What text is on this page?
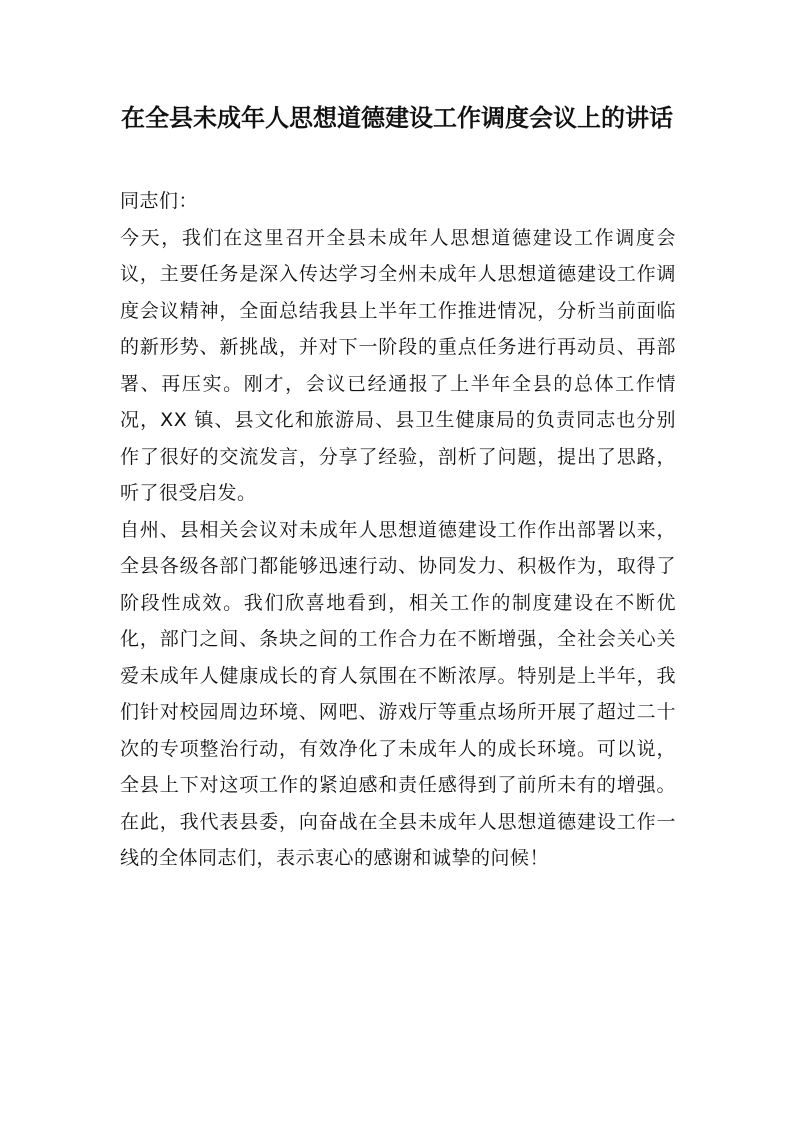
在全县未成年人思想道德建设工作调度会议上的讲话

同志们：

今天，我们在这里召开全县未成年人思想道德建设工作调度会议，主要任务是深入传达学习全州未成年人思想道德建设工作调度会议精神，全面总结我县上半年工作推进情况，分析当前面临的新形势、新挑战，并对下一阶段的重点任务进行再动员、再部署、再压实。刚才，会议已经通报了上半年全县的总体工作情况，XX 镇、县文化和旅游局、县卫生健康局的负责同志也分别作了很好的交流发言，分享了经验，剖析了问题，提出了思路，听了很受启发。

自州、县相关会议对未成年人思想道德建设工作作出部署以来，全县各级各部门都能够迅速行动、协同发力、积极作为，取得了阶段性成效。我们欣喜地看到，相关工作的制度建设在不断优化，部门之间、条块之间的工作合力在不断增强，全社会关心关爱未成年人健康成长的育人氛围在不断浓厚。特别是上半年，我们针对校园周边环境、网吧、游戏厅等重点场所开展了超过二十次的专项整治行动，有效净化了未成年人的成长环境。可以说，全县上下对这项工作的紧迫感和责任感得到了前所未有的增强。在此，我代表县委，向奋战在全县未成年人思想道德建设工作一线的全体同志们，表示衷心的感谢和诚挚的问候！
